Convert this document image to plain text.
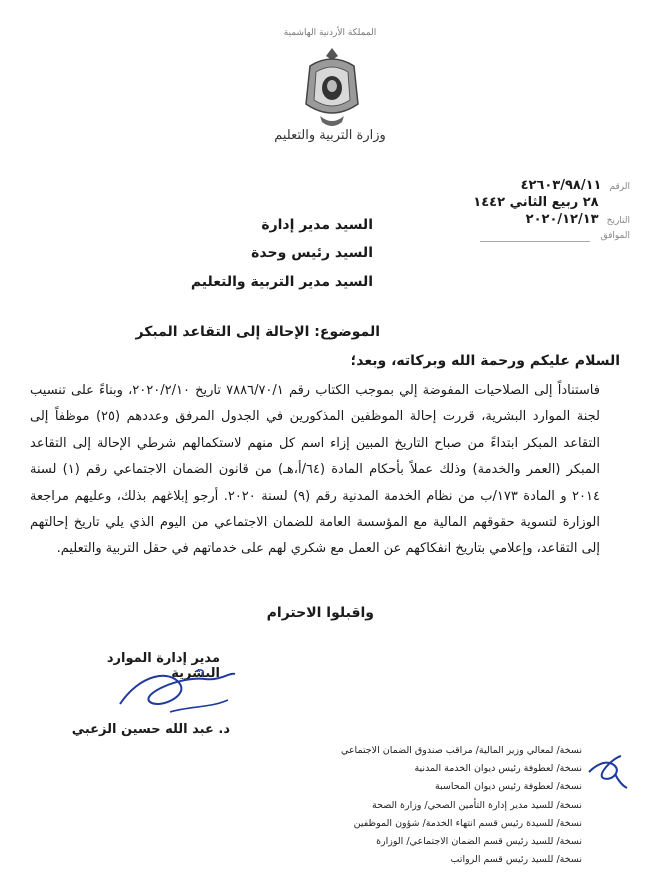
المملكة الأردنية الهاشمية
وزارة التربية والتعليم
الرقم
٤٢٦٠٣/٩٨/١١
٢٨ ربيع الثاني ١٤٤٢
التاريخ
٢٠٢٠/١٢/١٣
الموافق
السيد مدير إدارة
السيد رئيس وحدة
السيد مدير التربية والتعليم
الموضوع: الإحالة إلى التقاعد المبكر
السلام عليكم ورحمة الله وبركاته، وبعد؛
فاستناداً إلى الصلاحيات المفوضة إلي بموجب الكتاب رقم ٧٨٨٦/٧٠/١ تاريخ ٢٠٢٠/٢/١٠، وبناءً على تنسيب لجنة الموارد البشرية، قررت إحالة الموظفين المذكورين في الجدول المرفق وعددهم (٢٥) موظفاً إلى التقاعد المبكر ابتداءً من صباح التاريخ المبين إزاء اسم كل منهم لاستكمالهم شرطي الإحالة إلى التقاعد المبكر (العمر والخدمة) وذلك عملاً بأحكام المادة (٦٤/أ،هـ) من قانون الضمان الاجتماعي رقم (١) لسنة ٢٠١٤ و المادة ١٧٣/ب من نظام الخدمة المدنية رقم (٩) لسنة ٢٠٢٠. أرجو إبلاغهم بذلك، وعليهم مراجعة الوزارة لتسوية حقوقهم المالية مع المؤسسة العامة للضمان الاجتماعي من اليوم الذي يلي تاريخ إحالتهم إلى التقاعد، وإعلامي بتاريخ انفكاكهم عن العمل مع شكري لهم على خدماتهم في حقل التربية والتعليم.
واقبلوا الاحترام
مدير إدارة الموارد البشرية
د. عبد الله حسين الزعبي
نسخة/ لمعالي وزير المالية/ مراقب صندوق الضمان الاجتماعي
نسخة/ لعطوفة رئيس ديوان الخدمة المدنية
نسخة/ لعطوفة رئيس ديوان المحاسبة
نسخة/ للسيد مدير إدارة التأمين الصحي/ وزارة الصحة
نسخة/ للسيدة رئيس قسم انتهاء الخدمة/ شؤون الموظفين
نسخة/ للسيد رئيس قسم الضمان الاجتماعي/ الوزارة
نسخة/ للسيد رئيس قسم الرواتب
